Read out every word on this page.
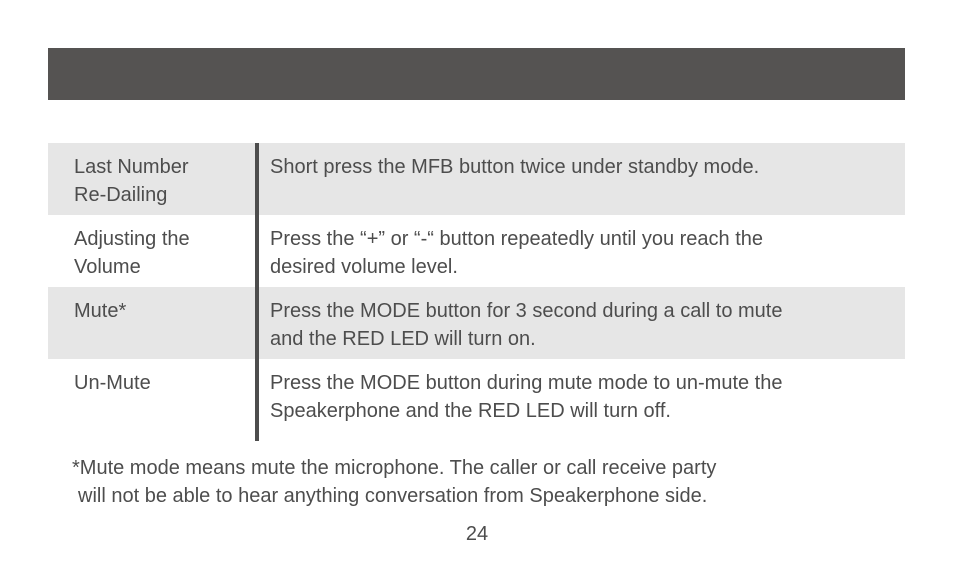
Last Number
Re-Dailing
Short press the MFB button twice under standby mode.
Adjusting the
Volume
Press the “+” or “-“ button repeatedly until you reach the
desired volume level.
Mute*	Press the MODE button for 3 second during a call to mute
and the RED LED will turn on.
Un-Mute	Press the MODE button during mute mode to un-mute the
Speakerphone and the RED LED will turn off.
*Mute mode means mute the microphone. The caller or call receive party
will not be able to hear anything conversation from Speakerphone side.
24
